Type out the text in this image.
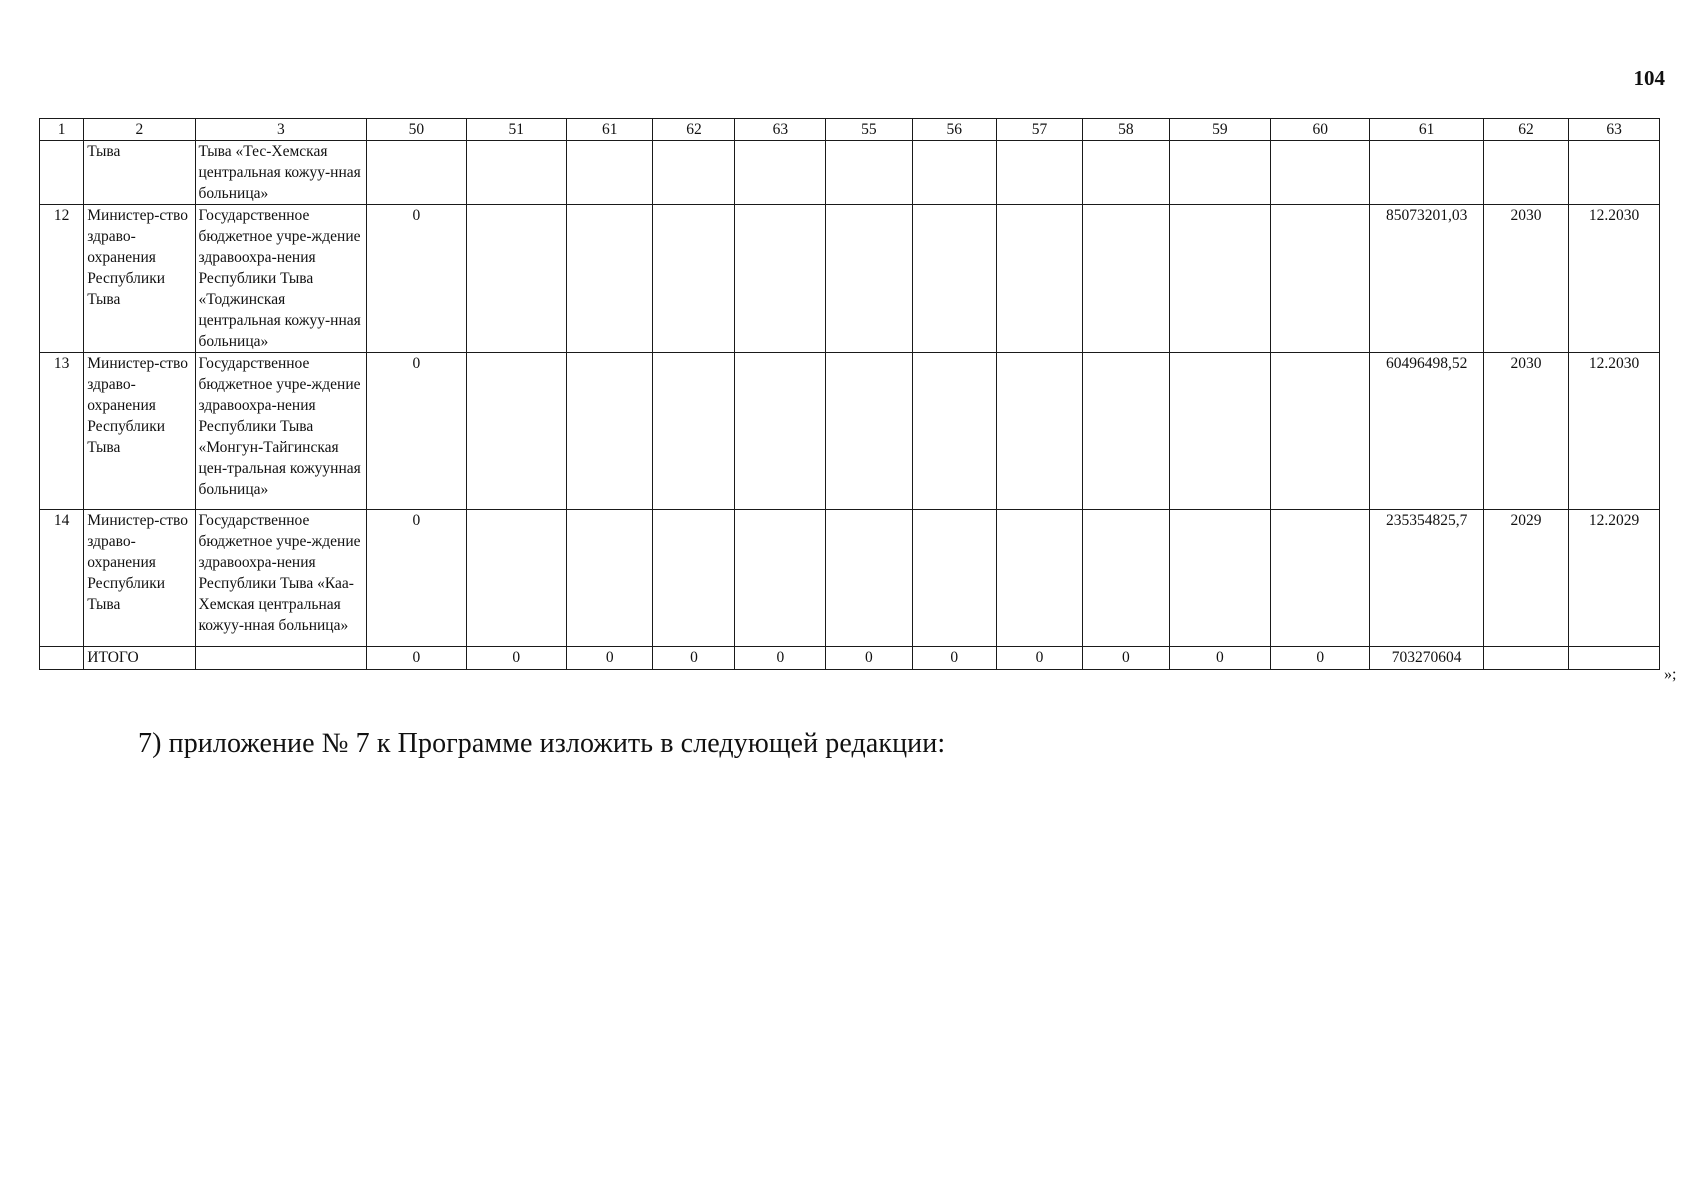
104
1	2	3	50	51	61	62	63	55	56	57	58	59	60	61	62	63
	Тыва	Тыва «Тес-Хемская центральная кожуу-нная больница»														
12	Министер-ство здраво-охранения Республики Тыва	Государственное бюджетное учре-ждение здравоохра-нения Республики Тыва «Тоджинская центральная кожуу-нная больница»	0											85073201,03	2030	12.2030
13	Министер-ство здраво-охранения Республики Тыва	Государственное бюджетное учре-ждение здравоохра-нения Республики Тыва «Монгун-Тайгинская цен-тральная кожуунная больница»	0											60496498,52	2030	12.2030
14	Министер-ство здраво-охранения Республики Тыва	Государственное бюджетное учре-ждение здравоохра-нения Республики Тыва «Каа-Хемская центральная кожуу-нная больница»	0											235354825,7	2029	12.2029
	ИТОГО		0	0	0	0	0	0	0	0	0	0	0	703270604		
»;
7) приложение № 7 к Программе изложить в следующей редакции:
